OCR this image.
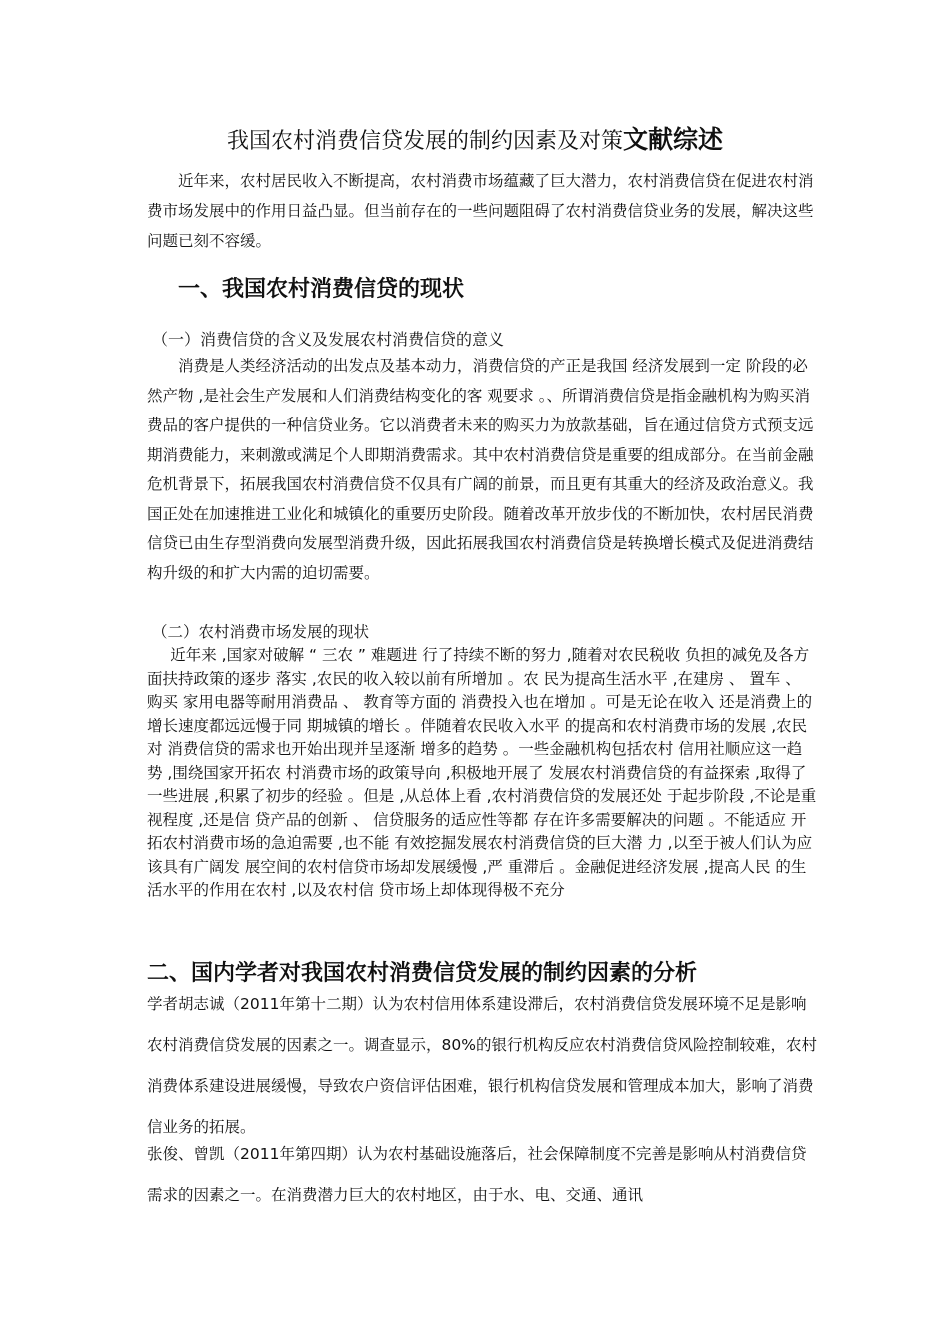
我国农村消费信贷发展的制约因素及对策文献综述

近年来，农村居民收入不断提高，农村消费市场蕴藏了巨大潜力，农村消费信贷在促进农村消费市场发展中的作用日益凸显。但当前存在的一些问题阻碍了农村消费信贷业务的发展，解决这些问题已刻不容缓。

一、我国农村消费信贷的现状
（一）消费信贷的含义及发展农村消费信贷的意义

消费是人类经济活动的出发点及基本动力，消费信贷的产正是我国 经济发展到一定 阶段的必然产物 ,是社会生产发展和人们消费结构变化的客 观要求 。、所谓消费信贷是指金融机构为购买消费品的客户提供的一种信贷业务。它以消费者未来的购买力为放款基础，旨在通过信贷方式预支远期消费能力，来刺激或满足个人即期消费需求。其中农村消费信贷是重要的组成部分。在当前金融危机背景下，拓展我国农村消费信贷不仅具有广阔的前景，而且更有其重大的经济及政治意义。我国正处在加速推进工业化和城镇化的重要历史阶段。随着改革开放步伐的不断加快，农村居民消费信贷已由生存型消费向发展型消费升级，因此拓展我国农村消费信贷是转换增长模式及促进消费结构升级的和扩大内需的迫切需要。

（二）农村消费市场发展的现状

近年来 ,国家对破解 “ 三农 ” 难题进 行了持续不断的努力 ,随着对农民税收 负担的减免及各方面扶持政策的逐步 落实 ,农民的收入较以前有所增加 。农 民为提高生活水平 ,在建房 、 置车 、 购买 家用电器等耐用消费品 、 教育等方面的 消费投入也在增加 。可是无论在收入 还是消费上的增长速度都远远慢于同 期城镇的增长 。伴随着农民收入水平 的提高和农村消费市场的发展 ,农民对 消费信贷的需求也开始出现并呈逐渐 增多的趋势 。一些金融机构包括农村 信用社顺应这一趋势 ,围绕国家开拓农 村消费市场的政策导向 ,积极地开展了 发展农村消费信贷的有益探索 ,取得了 一些进展 ,积累了初步的经验 。但是 ,从总体上看 ,农村消费信贷的发展还处 于起步阶段 ,不论是重视程度 ,还是信 贷产品的创新 、 信贷服务的适应性等都 存在许多需要解决的问题 。不能适应 开拓农村消费市场的急迫需要 ,也不能 有效挖掘发展农村消费信贷的巨大潜 力 ,以至于被人们认为应该具有广阔发 展空间的农村信贷市场却发展缓慢 ,严 重滞后 。金融促进经济发展 ,提高人民 的生活水平的作用在农村 ,以及农村信 贷市场上却体现得极不充分

二、国内学者对我国农村消费信贷发展的制约因素的分析

学者胡志诚（2011年第十二期）认为农村信用体系建设滞后，农村消费信贷发展环境不足是影响农村消费信贷发展的因素之一。调查显示，80%的银行机构反应农村消费信贷风险控制较难，农村消费体系建设进展缓慢，导致农户资信评估困难，银行机构信贷发展和管理成本加大，影响了消费信业务的拓展。

张俊、曾凯（2011年第四期）认为农村基础设施落后，社会保障制度不完善是影响从村消费信贷需求的因素之一。在消费潜力巨大的农村地区，由于水、电、交通、通讯
